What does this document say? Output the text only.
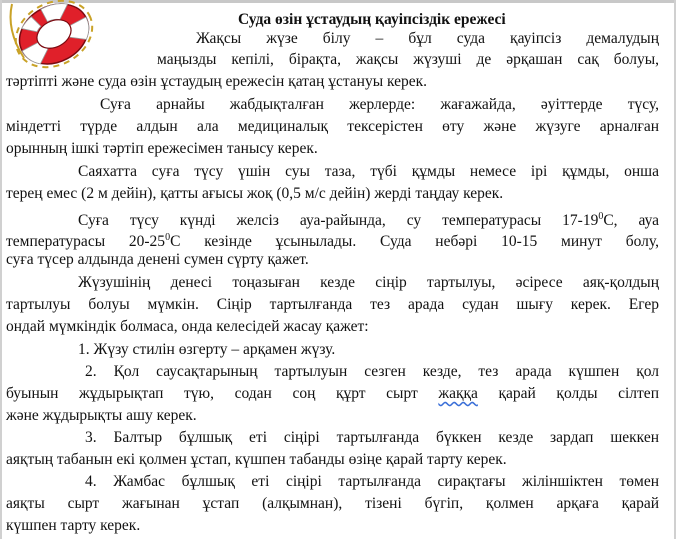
Суда өзін ұстаудың қауіпсіздік ережесі
Жақсы жүзе білу – бұл суда қауіпсіз демалудың
маңызды кепілі, бірақта, жақсы жүзуші де әрқашан сақ болуы,
тәртіпті және суда өзін ұстаудың ережесін қатаң ұстануы керек.
Суға арнайы жабдықталған жерлерде: жағажайда, әуіттерде түсу,
міндетті түрде алдын ала медициналық тексерістен өту және жүзуге арналған
орынның ішкі тәртіп ережесімен танысу керек.
Саяхатта суға түсу үшін суы таза, түбі құмды немесе ірі құмды, онша
терең емес (2 м дейін), қатты ағысы жоқ (0,5 м/с дейін) жерді таңдау керек.
Суға түсу күнді желсіз ауа-райында, су температурасы $17-19^0С$, ауа
температурасы $20-25^0С$ кезінде ұсынылады. Суда небәрі 10-15 минут болу,
суға түсер алдында денені сумен сүрту қажет.
Жүзушінің денесі тоңазыған кезде сіңір тартылуы, әсіресе аяқ-қолдың
тартылуы болуы мүмкін. Сіңір тартылғанда тез арада судан шығу керек. Егер
ондай мүмкіндік болмаса, онда келесідей жасау қажет:
1. Жүзу стилін өзгерту – арқамен жүзу.
2. Қол саусақтарының тартылуын сезген кезде, тез арада күшпен қол
буынын жұдырықтап түю, содан соң құрт сырт жаққа қарай қолды сілтеп
және жұдырықты ашу керек.
3. Балтыр бұлшық еті сіңірі тартылғанда бүккен кезде зардап шеккен
аяқтың табанын екі қолмен ұстап, күшпен табанды өзіңе қарай тарту керек.
4. Жамбас бұлшық еті сіңірі тартылғанда сирақтағы жіліншіктен төмен
аяқты сырт жағынан ұстап (алқымнан), тізені бүгіп, қолмен арқаға қарай
күшпен тарту керек.
